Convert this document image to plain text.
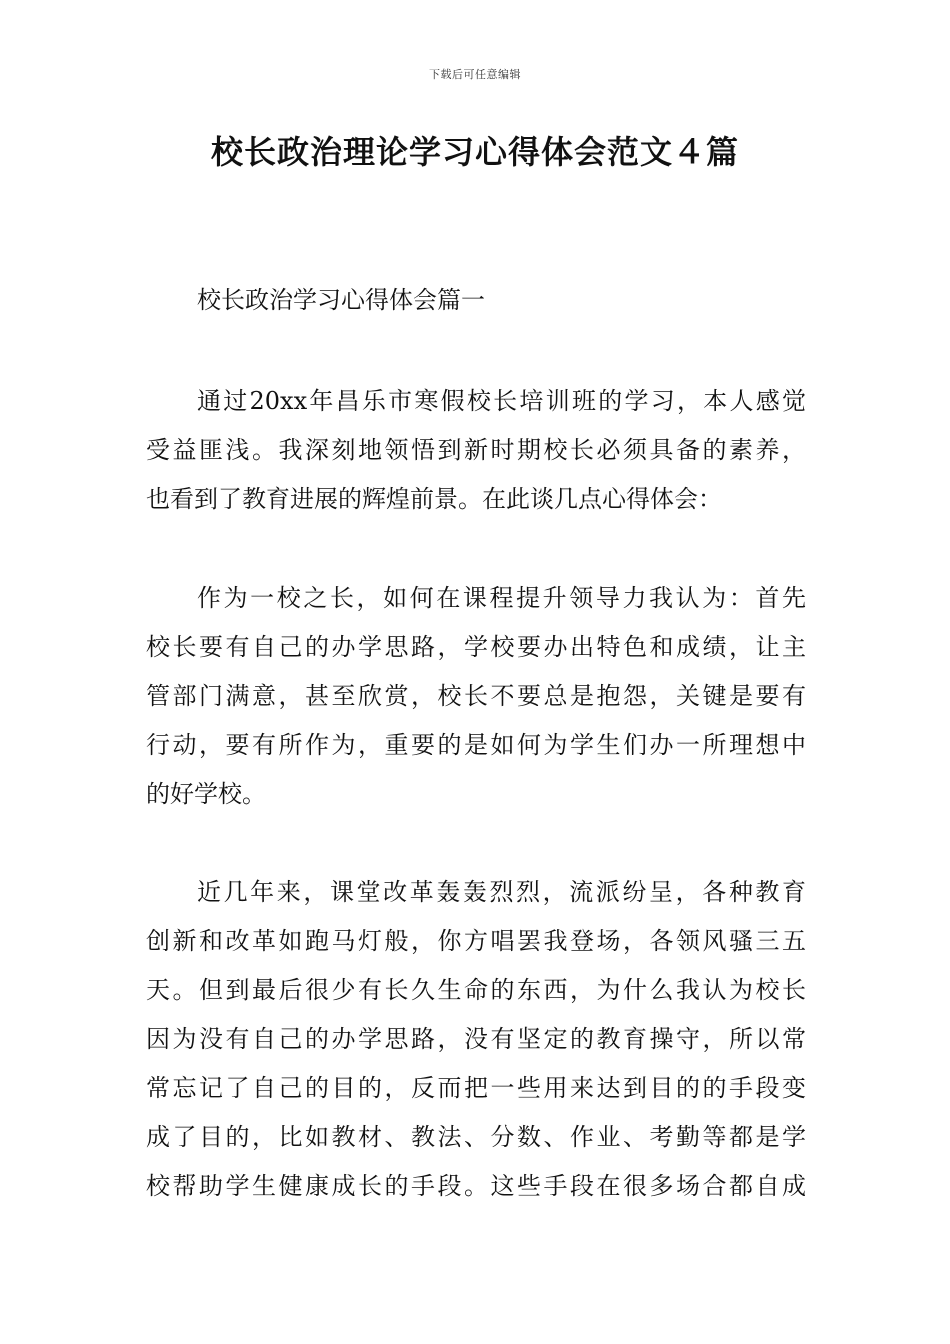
下载后可任意编辑
校长政治理论学习心得体会范文４篇
校长政治学习心得体会篇一
通过20xx年昌乐市寒假校长培训班的学习，本人感觉
受益匪浅。我深刻地领悟到新时期校长必须具备的素养，
也看到了教育进展的辉煌前景。在此谈几点心得体会：
作为一校之长，如何在课程提升领导力我认为：首先
校长要有自己的办学思路，学校要办出特色和成绩，让主
管部门满意，甚至欣赏，校长不要总是抱怨，关键是要有
行动，要有所作为，重要的是如何为学生们办一所理想中
的好学校。
近几年来，课堂改革轰轰烈烈，流派纷呈，各种教育
创新和改革如跑马灯般，你方唱罢我登场，各领风骚三五
天。但到最后很少有长久生命的东西，为什么我认为校长
因为没有自己的办学思路，没有坚定的教育操守，所以常
常忘记了自己的目的，反而把一些用来达到目的的手段变
成了目的，比如教材、教法、分数、作业、考勤等都是学
校帮助学生健康成长的手段。这些手段在很多场合都自成
